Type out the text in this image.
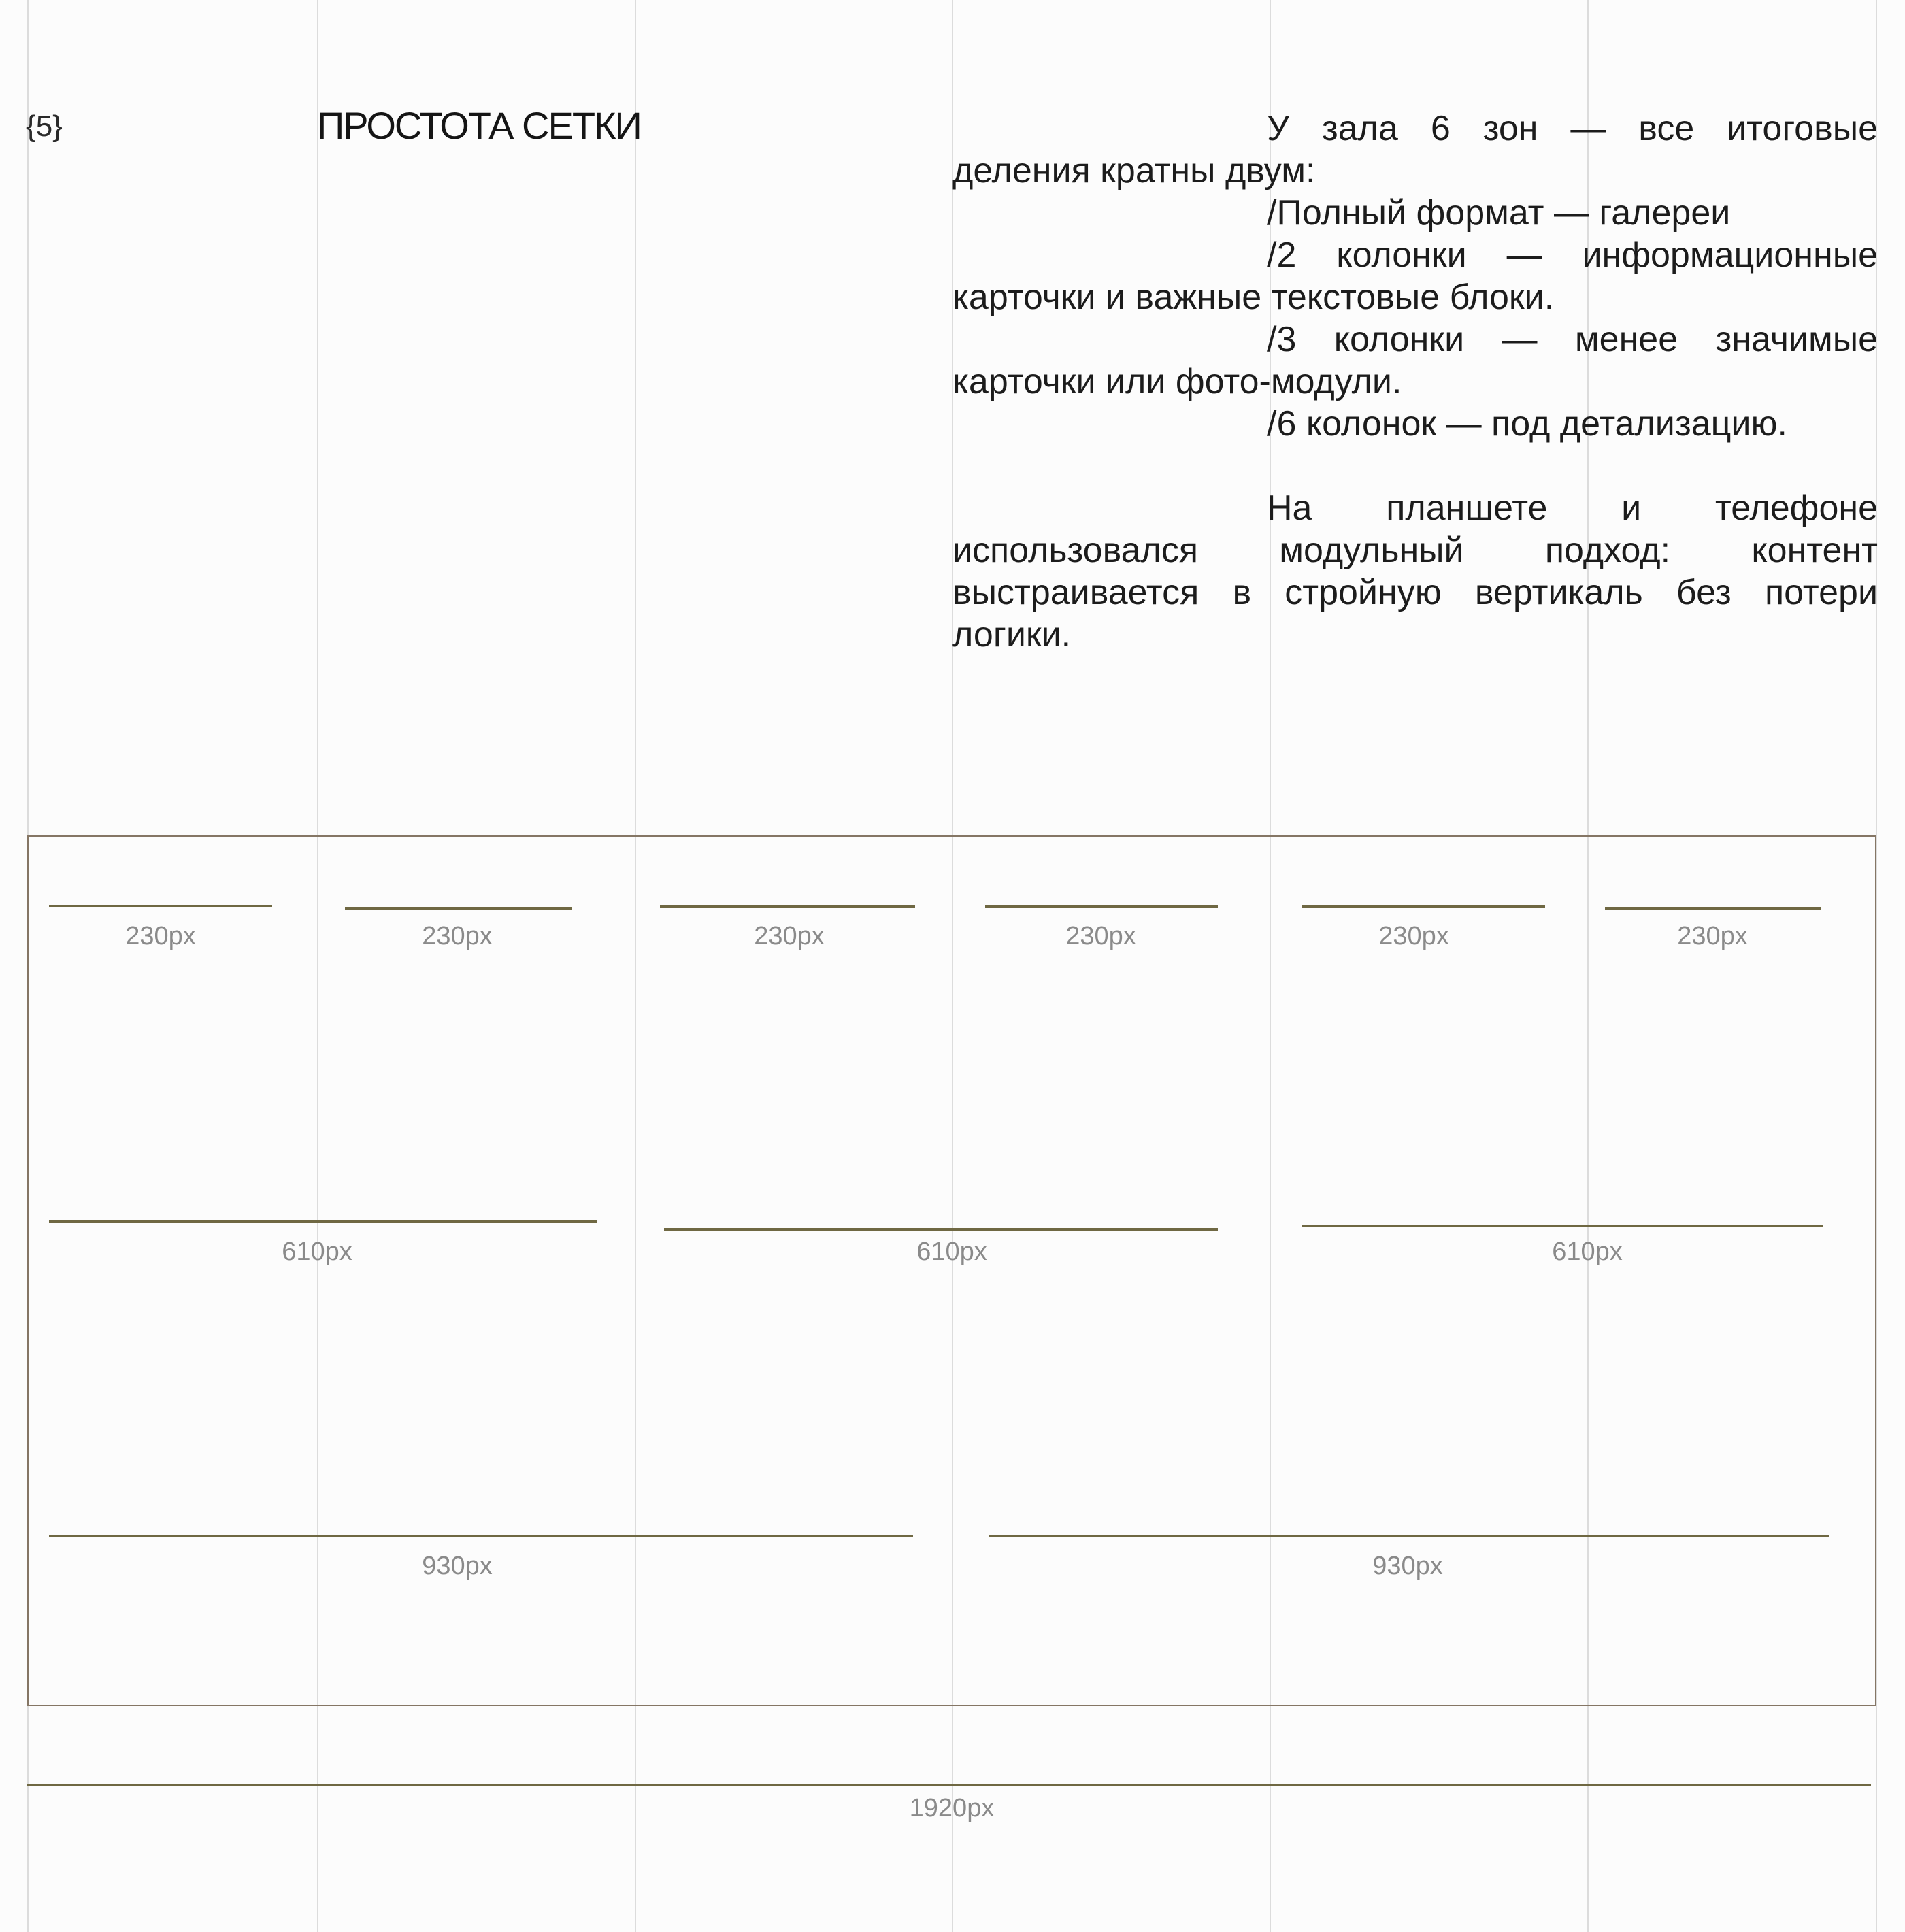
{5}	ПРОСТОТА СЕТКИ	У зала 6 зон — все итоговые деления кратны двум:

/Полный формат — галереи

/2 колонки — информационные карточки и важные текстовые блоки.

/3 колонки — менее значимые карточки или фото-модули.

/6 колонок — под детализацию.

На планшете и телефоне использовался модульный подход: контент выстраивается в стройную вертикаль без потери логики.

230px	230px	230px	230px	230px	230px
610px	610px	610px
930px	930px
1920px
